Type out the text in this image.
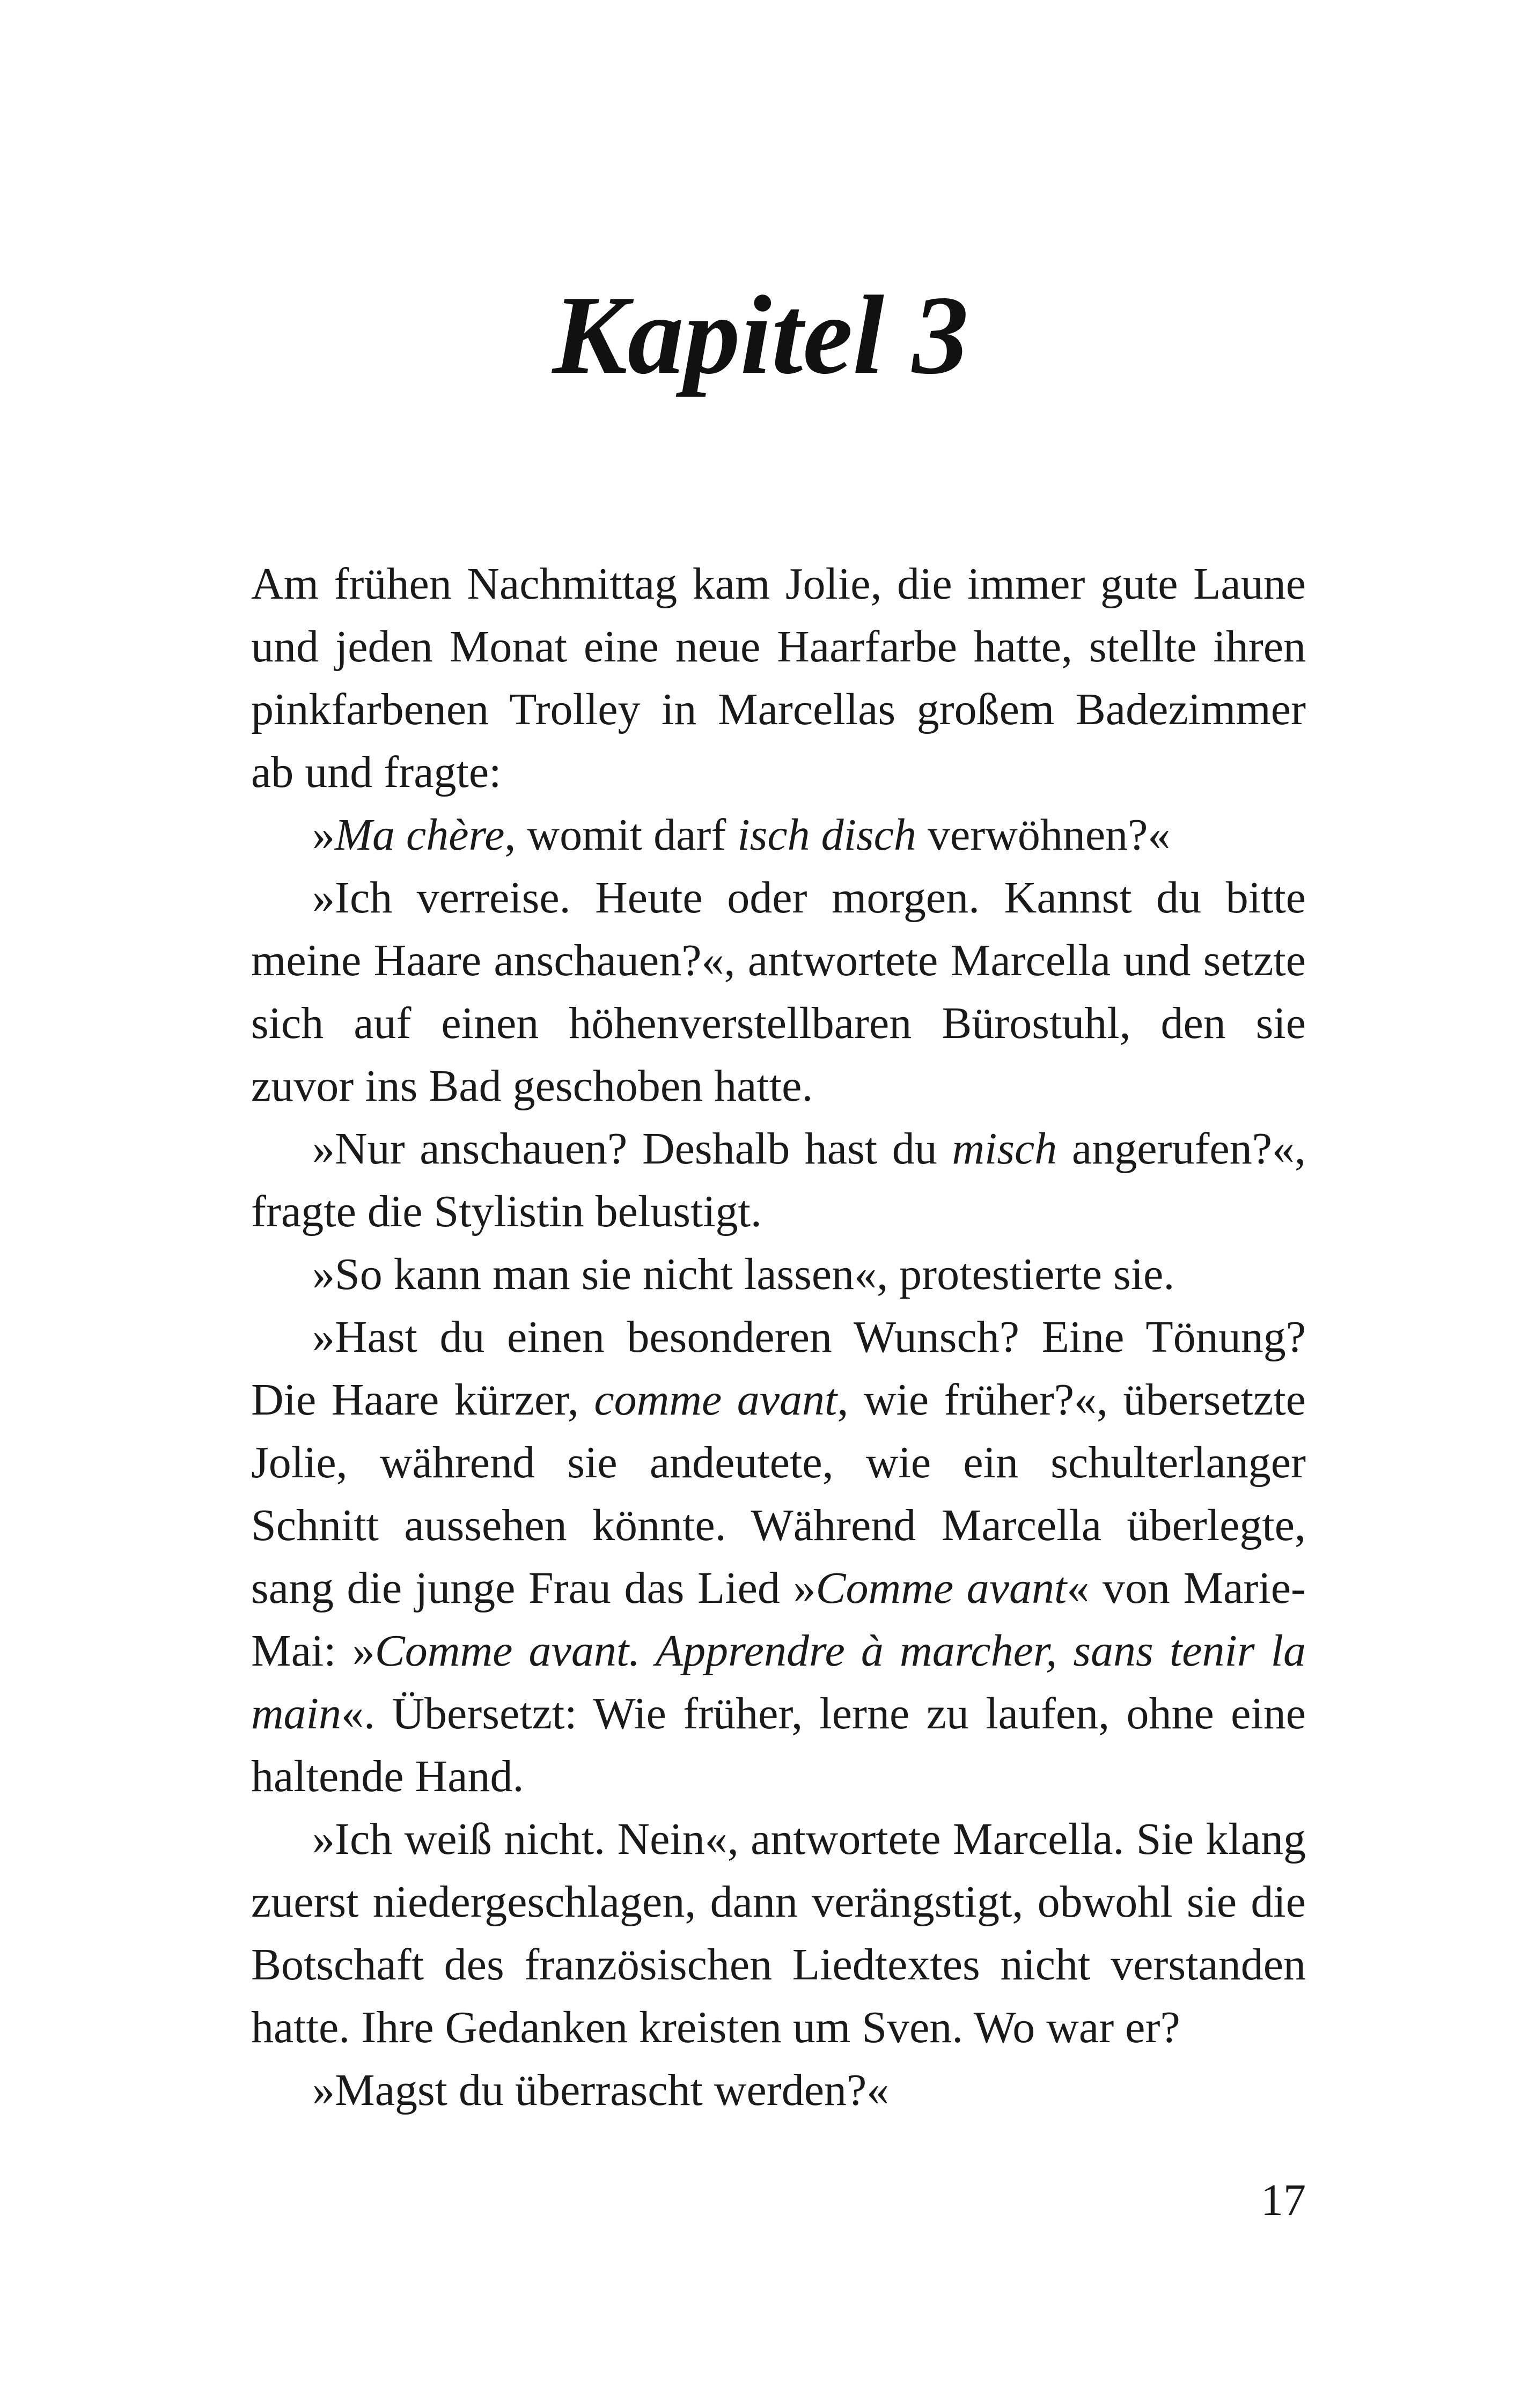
Kapitel 3

Am frühen Nachmittag kam Jolie, die immer gute Laune und jeden Monat eine neue Haarfarbe hatte, stellte ihren pinkfarbenen Trolley in Marcellas großem Badezimmer ab und fragte:

»Ma chère, womit darf isch disch verwöhnen?«

»Ich verreise. Heute oder morgen. Kannst du bitte meine Haare anschauen?«, antwortete Marcella und setzte sich auf einen höhenverstellbaren Bürostuhl, den sie zuvor ins Bad geschoben hatte.

»Nur anschauen? Deshalb hast du misch angerufen?«, fragte die Stylistin belustigt.

»So kann man sie nicht lassen«, protestierte sie.

»Hast du einen besonderen Wunsch? Eine Tönung? Die Haare kürzer, comme avant, wie früher?«, übersetzte Jolie, während sie andeutete, wie ein schulterlanger Schnitt aussehen könnte. Während Marcella überlegte, sang die junge Frau das Lied »Comme avant« von Marie-Mai: »Comme avant. Apprendre à marcher, sans tenir la main«. Übersetzt: Wie früher, lerne zu laufen, ohne eine haltende Hand.

»Ich weiß nicht. Nein«, antwortete Marcella. Sie klang zuerst niedergeschlagen, dann verängstigt, obwohl sie die Botschaft des französischen Liedtextes nicht verstanden hatte. Ihre Gedanken kreisten um Sven. Wo war er?

»Magst du überrascht werden?«

17
